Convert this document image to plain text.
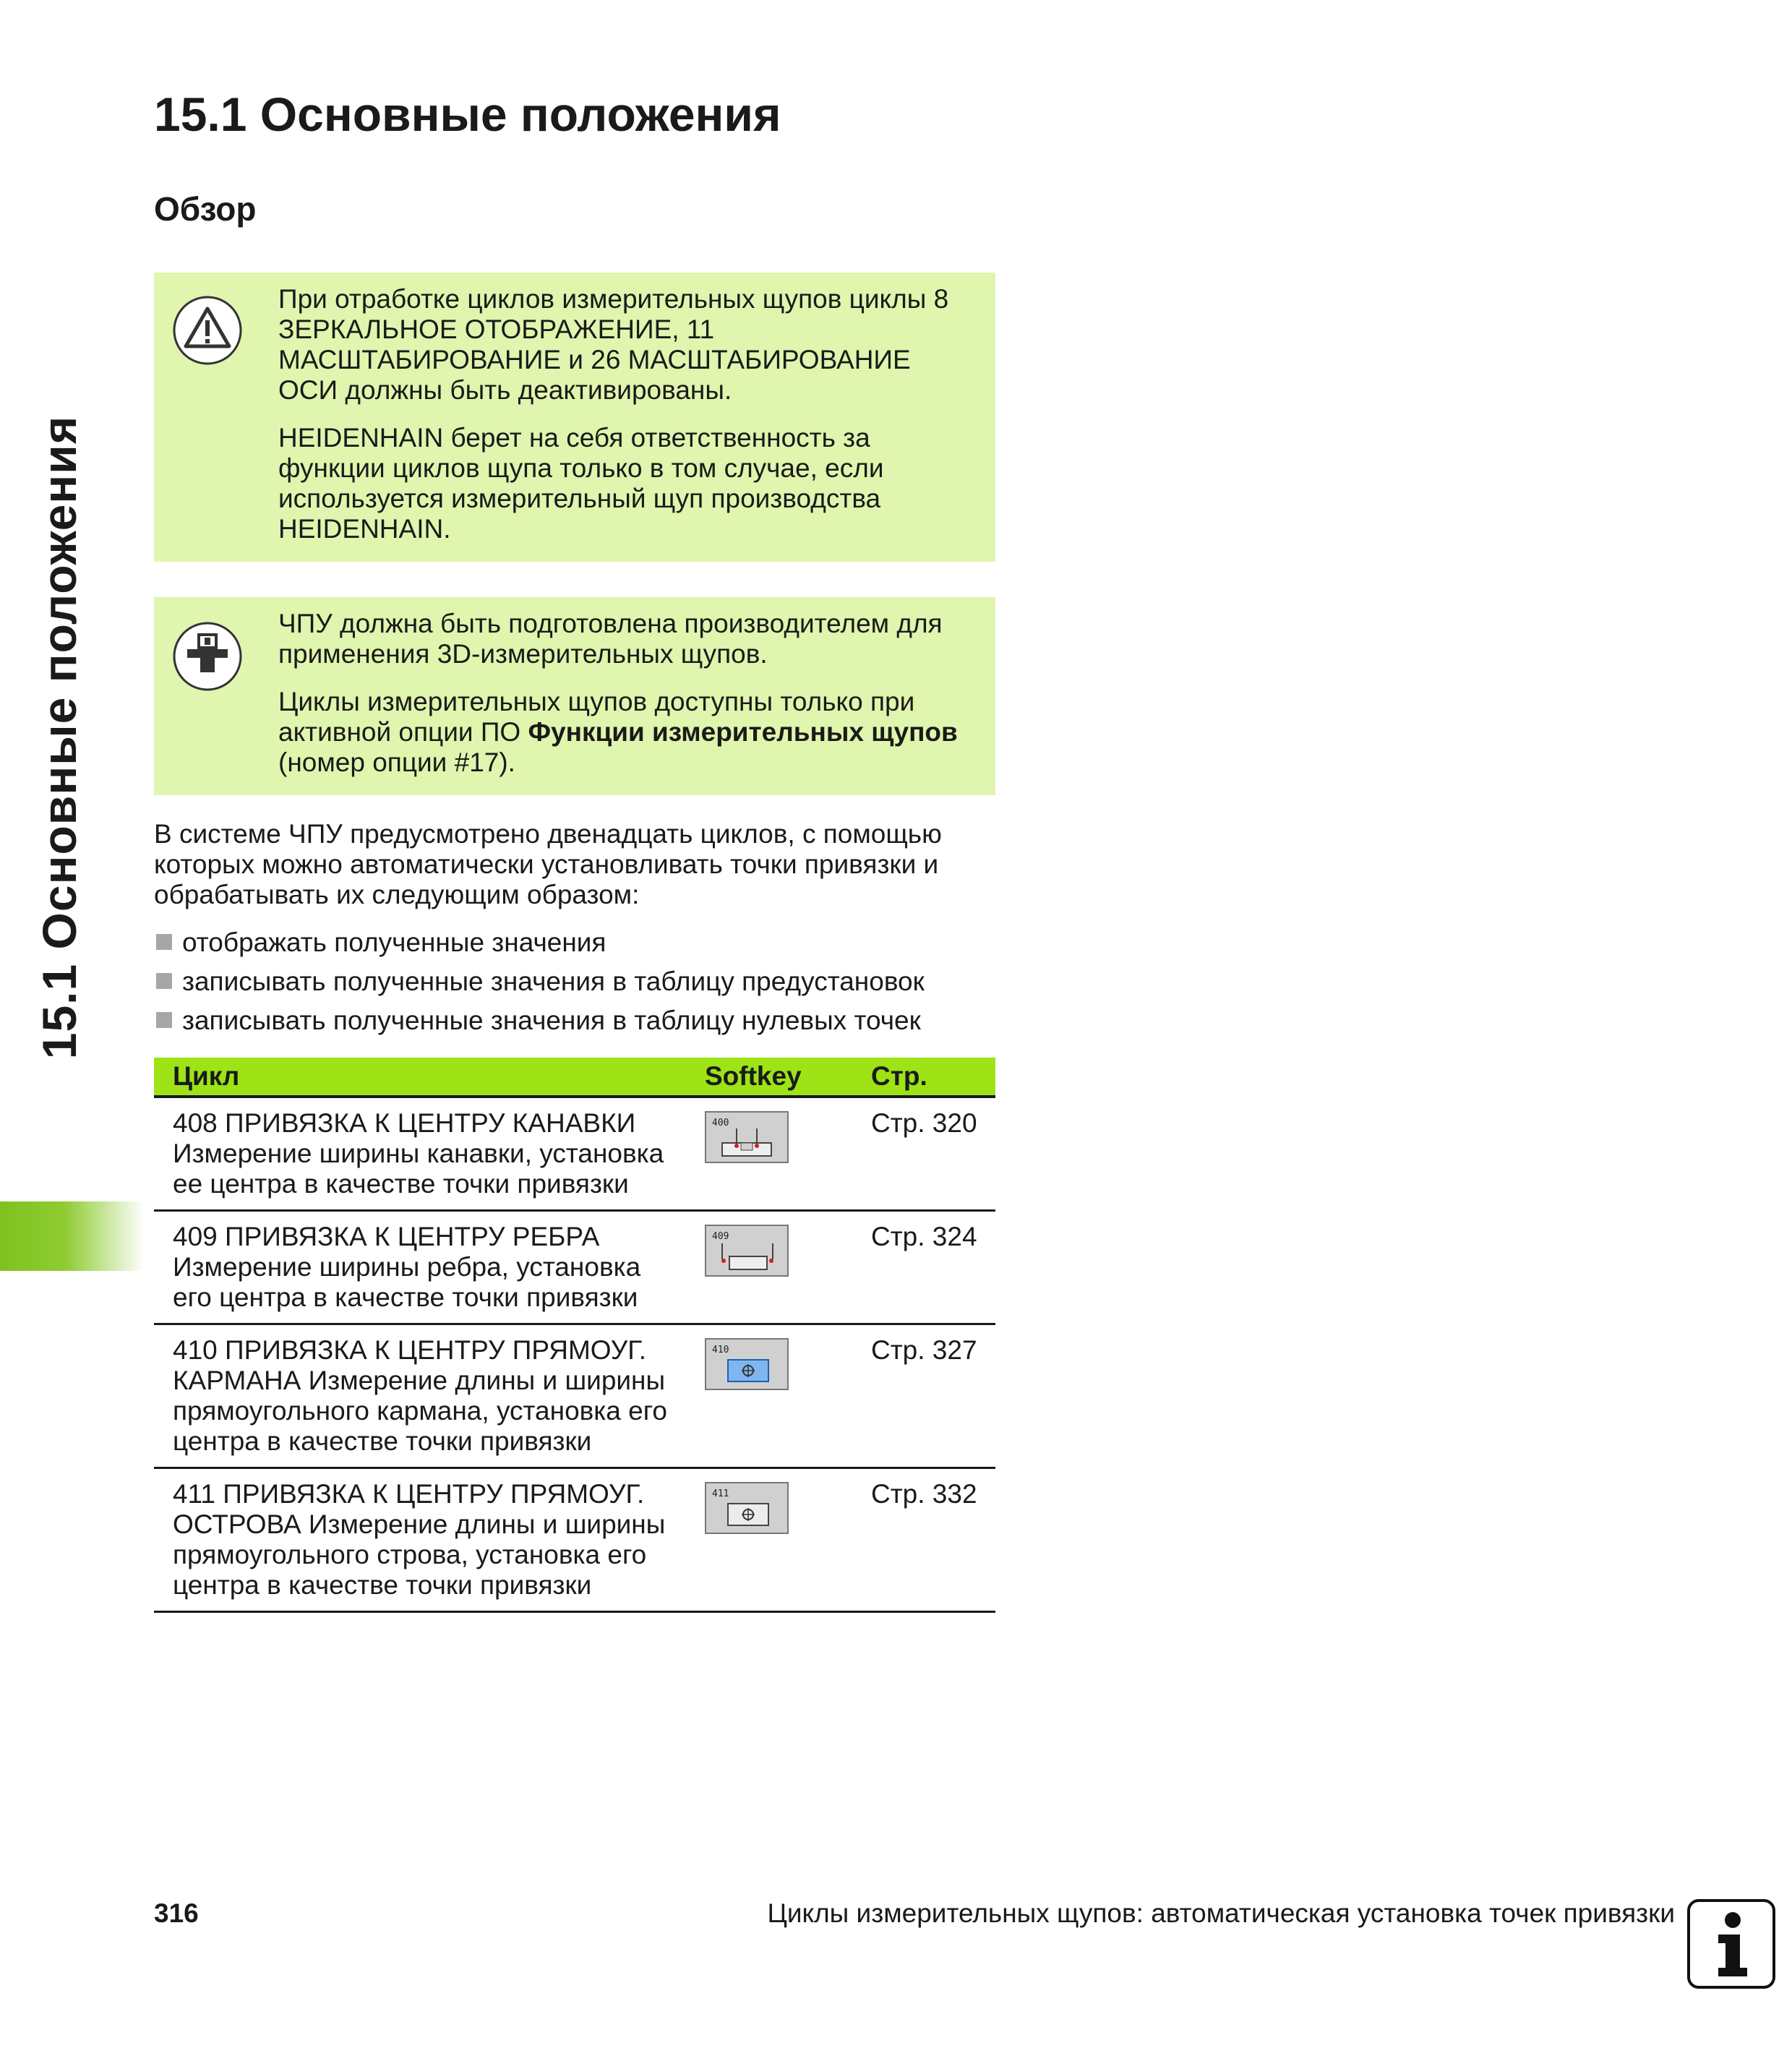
15.1 Основные положения
15.1 Основные положения
Обзор

При отработке циклов измерительных щупов циклы 8 ЗЕРКАЛЬНОЕ ОТОБРАЖЕНИЕ, 11 МАСШТАБИРОВАНИЕ и 26 МАСШТАБИРОВАНИЕ ОСИ должны быть деактивированы.

HEIDENHAIN берет на себя ответственность за функции циклов щупа только в том случае, если используется измерительный щуп производства HEIDENHAIN.

ЧПУ должна быть подготовлена производителем для применения 3D-измерительных щупов.

Циклы измерительных щупов доступны только при активной опции ПО Функции измерительных щупов (номер опции #17).

В системе ЧПУ предусмотрено двенадцать циклов, с помощью которых можно автоматически установливать точки привязки и обрабатывать их следующим образом:

отображать полученные значения
записывать полученные значения в таблицу предустановок
записывать полученные значения в таблицу нулевых точек
Цикл	Softkey	Стр.
408 ПРИВЯЗКА К ЦЕНТРУ КАНАВКИ Измерение ширины канавки, установка ее центра в качестве точки привязки	400	Стр. 320
409 ПРИВЯЗКА К ЦЕНТРУ РЕБРА Измерение ширины ребра, установка его центра в качестве точки привязки	409	Стр. 324
410 ПРИВЯЗКА К ЦЕНТРУ ПРЯМОУГ. КАРМАНА Измерение длины и ширины прямоугольного кармана, установка его центра в качестве точки привязки	410	Стр. 327
411 ПРИВЯЗКА К ЦЕНТРУ ПРЯМОУГ. ОСТРОВА Измерение длины и ширины прямоугольного строва, установка его центра в качестве точки привязки	411	Стр. 332
316	Циклы измерительных щупов: автоматическая установка точек привязки
